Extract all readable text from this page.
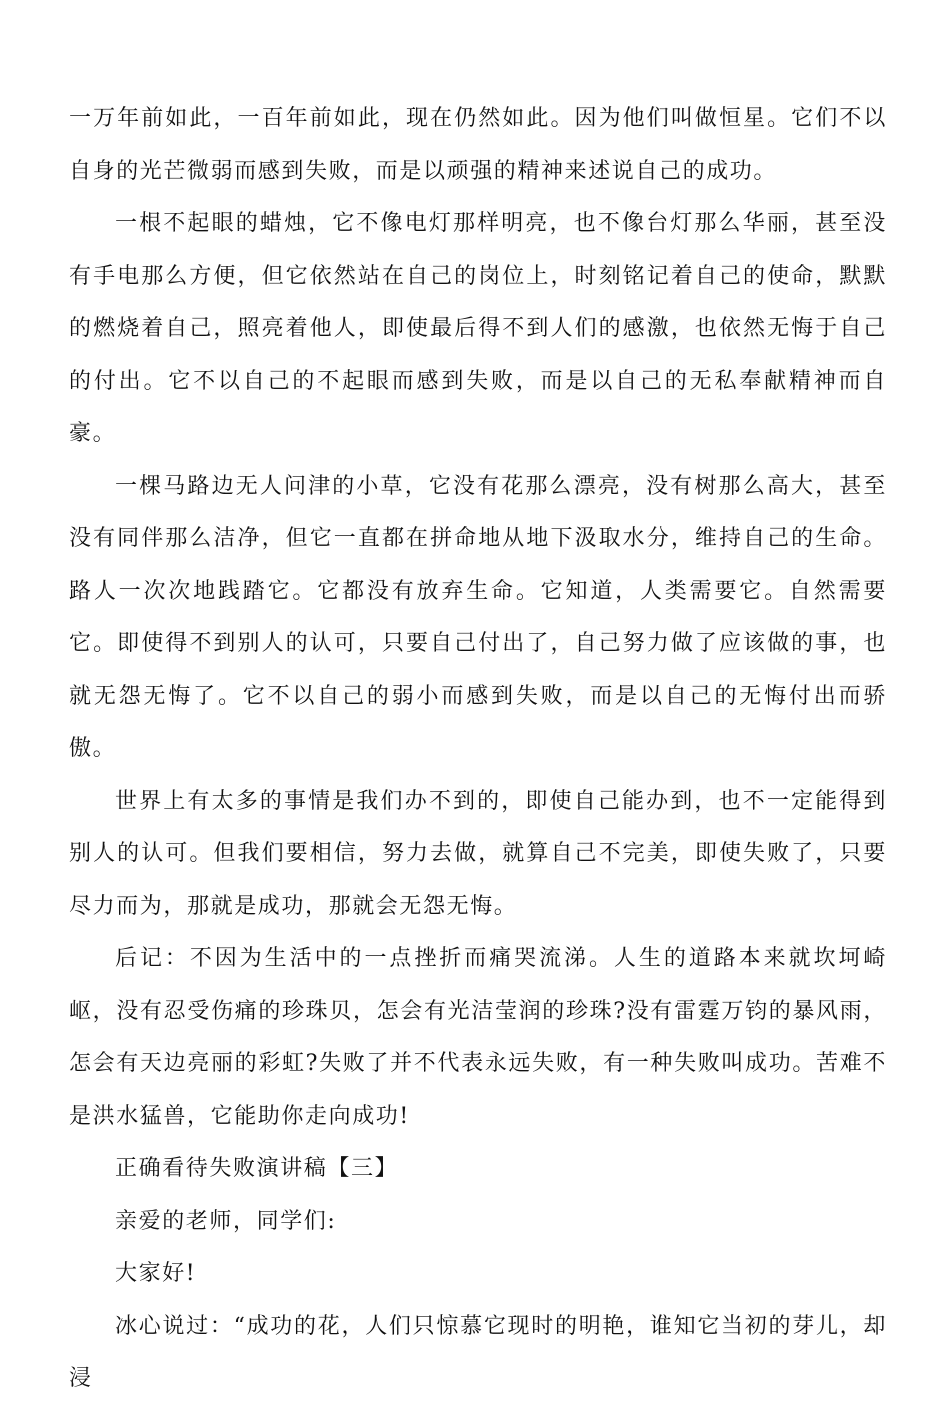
一万年前如此，一百年前如此，现在仍然如此。因为他们叫做恒星。它们不以自身的光芒微弱而感到失败，而是以顽强的精神来述说自己的成功。

一根不起眼的蜡烛，它不像电灯那样明亮，也不像台灯那么华丽，甚至没有手电那么方便，但它依然站在自己的岗位上，时刻铭记着自己的使命，默默的燃烧着自己，照亮着他人，即使最后得不到人们的感激，也依然无悔于自己的付出。它不以自己的不起眼而感到失败，而是以自己的无私奉献精神而自豪。

一棵马路边无人问津的小草，它没有花那么漂亮，没有树那么高大，甚至没有同伴那么洁净，但它一直都在拼命地从地下汲取水分，维持自己的生命。路人一次次地践踏它。它都没有放弃生命。它知道，人类需要它。自然需要它。即使得不到别人的认可，只要自己付出了，自己努力做了应该做的事，也就无怨无悔了。它不以自己的弱小而感到失败，而是以自己的无悔付出而骄傲。

世界上有太多的事情是我们办不到的，即使自己能办到，也不一定能得到别人的认可。但我们要相信，努力去做，就算自己不完美，即使失败了，只要尽力而为，那就是成功，那就会无怨无悔。

后记：不因为生活中的一点挫折而痛哭流涕。人生的道路本来就坎坷崎岖，没有忍受伤痛的珍珠贝，怎会有光洁莹润的珍珠?没有雷霆万钧的暴风雨，怎会有天边亮丽的彩虹?失败了并不代表永远失败，有一种失败叫成功。苦难不是洪水猛兽，它能助你走向成功!

正确看待失败演讲稿【三】

亲爱的老师，同学们:

大家好!

冰心说过：“成功的花，人们只惊慕它现时的明艳，谁知它当初的芽儿，却浸
